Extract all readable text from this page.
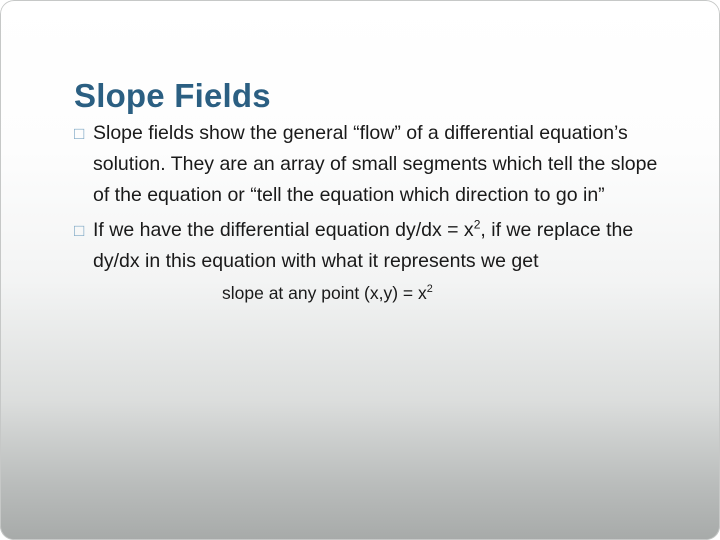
Slope Fields
□ Slope fields show the general “flow” of a differential equation’s solution. They are an array of small segments which tell the slope of the equation or “tell the equation which direction to go in”
□ If we have the differential equation $dy/dx = x^2$, if we replace the dy/dx in this equation with what it represents we get
slope at any point $(x,y) = x^2$
